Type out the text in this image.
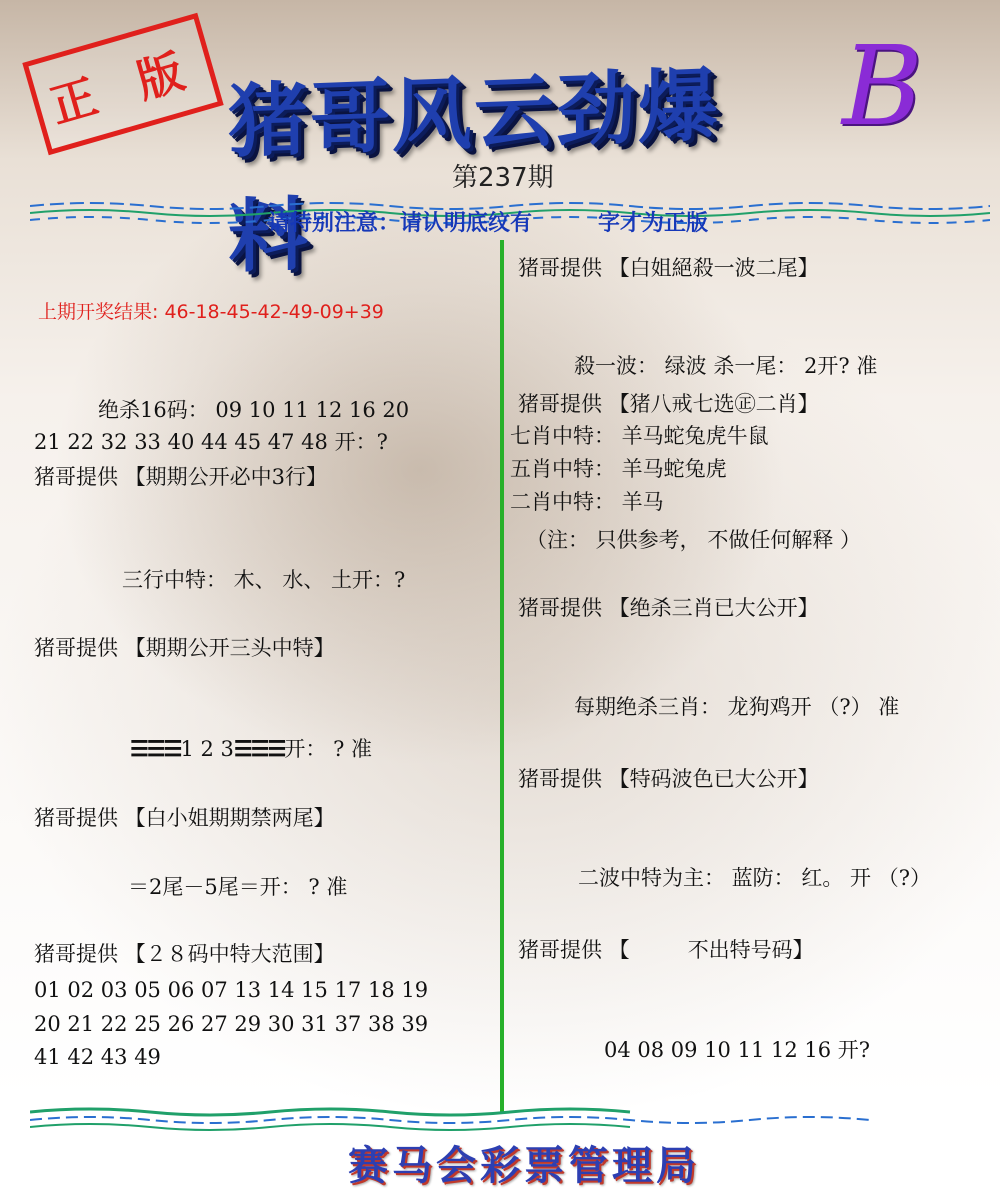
正 版 猪哥风云劲爆料
B
第237期
请特别注意：请认明底纹有	字才为正版
上期开奖结果: 46-18-45-42-49-09+39
绝杀16码： 09 10 11 12 16 20
21 22 32 33 40 44 45 47 48 开：?
猪哥提供 【期期公开必中3行】
三行中特： 木、 水、 土开：?
猪哥提供 【期期公开三头中特】
☰☰☰1 2 3☰☰☰开： ? 准
猪哥提供 【白小姐期期禁两尾】
＝2尾－5尾＝开： ? 准
猪哥提供 【２８码中特大范围】
01 02 03 05 06 07 13 14 15 17 18 19
20 21 22 25 26 27 29 30 31 37 38 39
41 42 43 49
猪哥提供 【白姐絕殺一波二尾】
殺一波： 绿波 杀一尾： 2开? 准
猪哥提供 【猪八戒七选㊣二肖】
七肖中特： 羊马蛇兔虎牛鼠
五肖中特： 羊马蛇兔虎
二肖中特： 羊马
（注： 只供参考， 不做任何解释 ）
猪哥提供 【绝杀三肖已大公开】
每期绝杀三肖： 龙狗鸡开 （?） 准
猪哥提供 【特码波色已大公开】
二波中特为主： 蓝防： 红。 开 （?）
猪哥提供 【	不出特号码】
04 08 09 10 11 12 16 开?
赛马会彩票管理局
